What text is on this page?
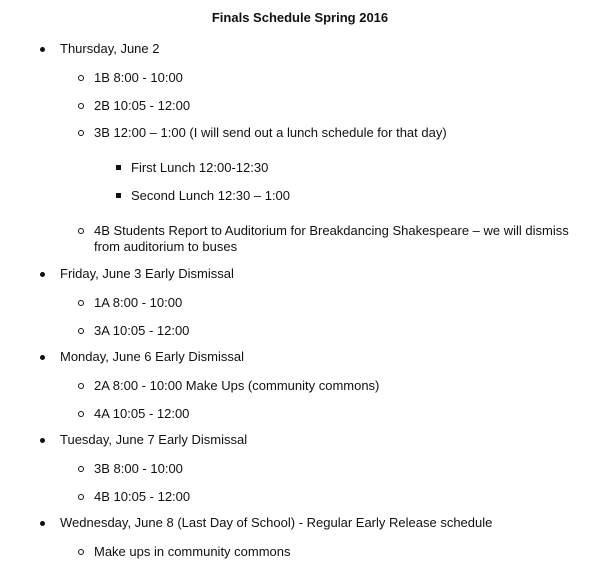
Finals Schedule Spring 2016
Thursday, June 2
1B 8:00 - 10:00
2B 10:05 - 12:00
3B 12:00 – 1:00 (I will send out a lunch schedule for that day)
First Lunch 12:00-12:30
Second Lunch 12:30 – 1:00
4B Students Report to Auditorium for Breakdancing Shakespeare – we will dismiss from auditorium to buses
Friday, June 3 Early Dismissal
1A 8:00 - 10:00
3A 10:05 - 12:00
Monday, June 6 Early Dismissal
2A 8:00 - 10:00 Make Ups (community commons)
4A 10:05 - 12:00
Tuesday, June 7 Early Dismissal
3B 8:00 - 10:00
4B 10:05 - 12:00
Wednesday, June 8 (Last Day of School) - Regular Early Release schedule
Make ups in community commons
